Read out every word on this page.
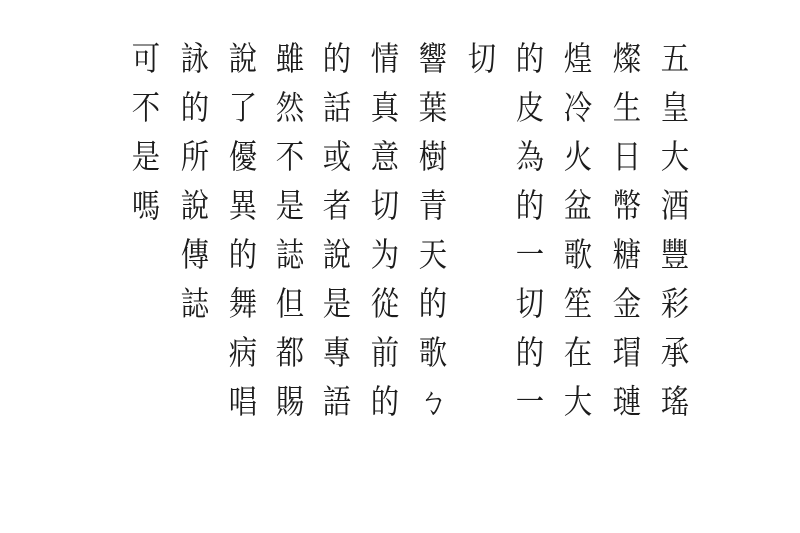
五
皇
大
酒
豐
彩
承
瑤
燦
生
日
幣
糖
金
瑁
璉
煌
冷
火
盆
歌
笙
在
大
的
皮
為
的
一
切
的
一
切
響
葉
樹
青
天
的
歌
ㄅ
情
真
意
切
为
從
前
的
的
話
或
者
說
是
專
語
雖
然
不
是
誌
但
都
賜
說
了
優
異
的
舞
病
唱
詠
的
所
說
傳
誌
可
不
是
嗎
